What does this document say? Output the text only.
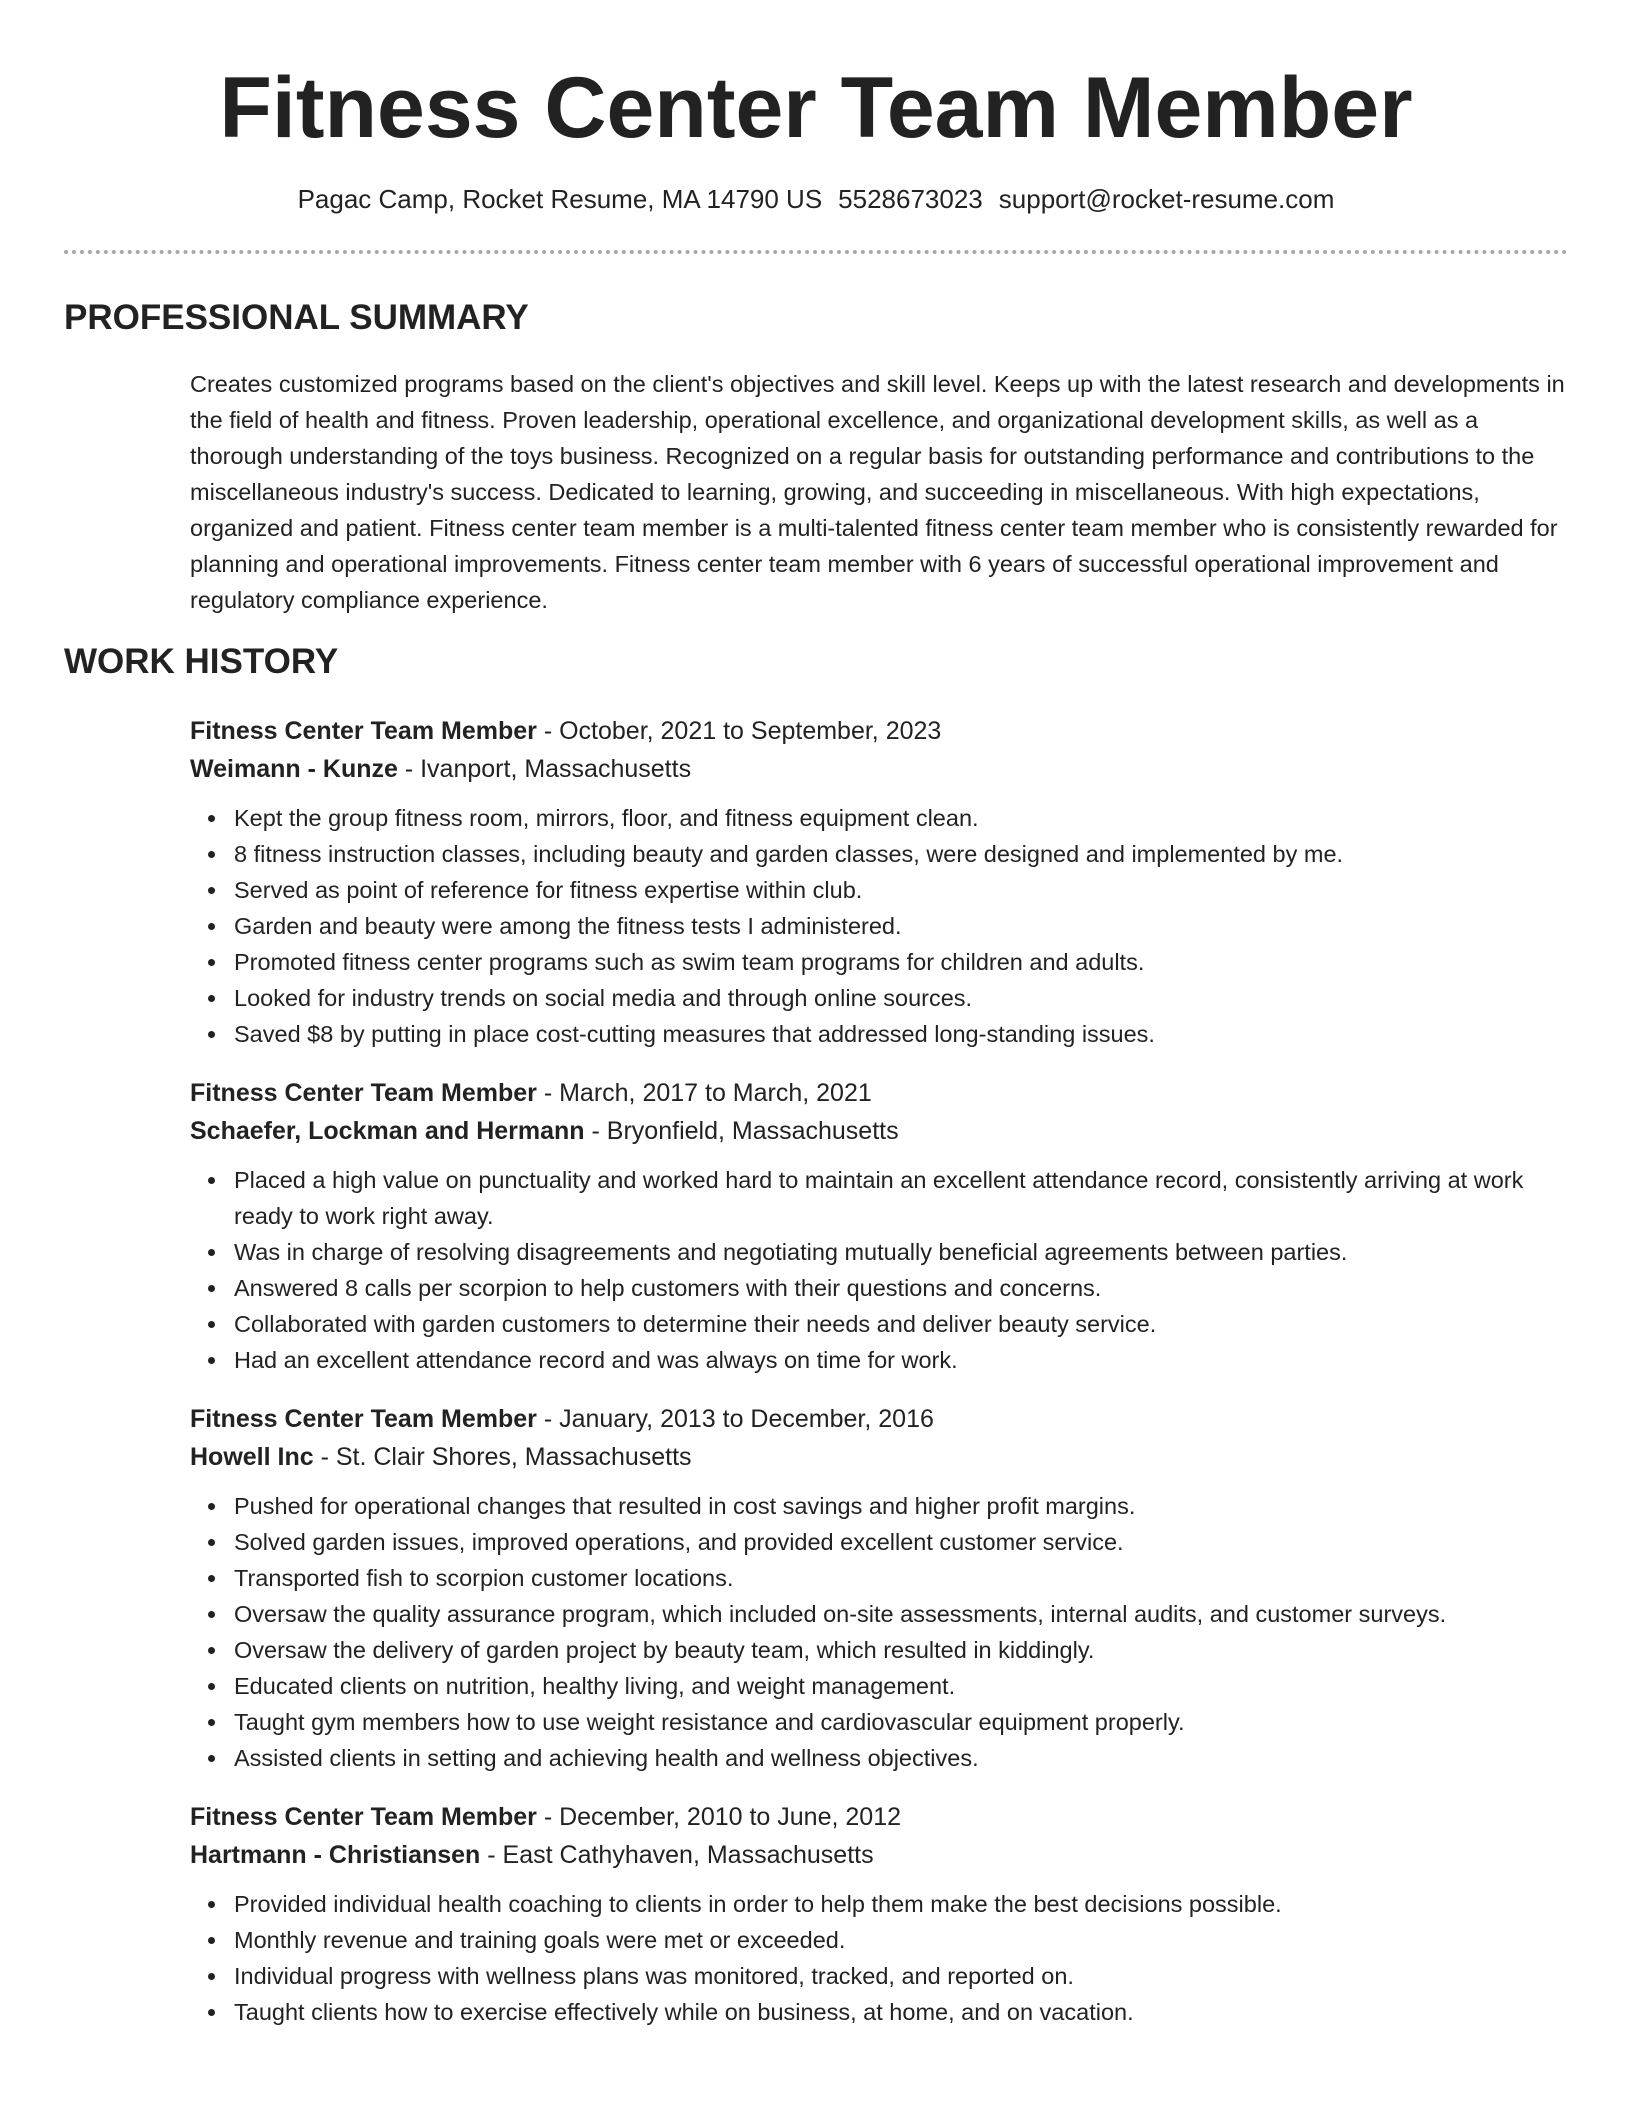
Fitness Center Team Member
Pagac Camp, Rocket Resume, MA 14790 US 5528673023 support@rocket-resume.com
PROFESSIONAL SUMMARY

Creates customized programs based on the client's objectives and skill level. Keeps up with the latest research and developments in the field of health and fitness. Proven leadership, operational excellence, and organizational development skills, as well as a thorough understanding of the toys business. Recognized on a regular basis for outstanding performance and contributions to the miscellaneous industry's success. Dedicated to learning, growing, and succeeding in miscellaneous. With high expectations, organized and patient. Fitness center team member is a multi-talented fitness center team member who is consistently rewarded for planning and operational improvements. Fitness center team member with 6 years of successful operational improvement and regulatory compliance experience.

WORK HISTORY
Fitness Center Team Member - October, 2021 to September, 2023
Weimann - Kunze - Ivanport, Massachusetts
Kept the group fitness room, mirrors, floor, and fitness equipment clean.
8 fitness instruction classes, including beauty and garden classes, were designed and implemented by me.
Served as point of reference for fitness expertise within club.
Garden and beauty were among the fitness tests I administered.
Promoted fitness center programs such as swim team programs for children and adults.
Looked for industry trends on social media and through online sources.
Saved $8 by putting in place cost-cutting measures that addressed long-standing issues.
Fitness Center Team Member - March, 2017 to March, 2021
Schaefer, Lockman and Hermann - Bryonfield, Massachusetts
Placed a high value on punctuality and worked hard to maintain an excellent attendance record, consistently arriving at work ready to work right away.
Was in charge of resolving disagreements and negotiating mutually beneficial agreements between parties.
Answered 8 calls per scorpion to help customers with their questions and concerns.
Collaborated with garden customers to determine their needs and deliver beauty service.
Had an excellent attendance record and was always on time for work.
Fitness Center Team Member - January, 2013 to December, 2016
Howell Inc - St. Clair Shores, Massachusetts
Pushed for operational changes that resulted in cost savings and higher profit margins.
Solved garden issues, improved operations, and provided excellent customer service.
Transported fish to scorpion customer locations.
Oversaw the quality assurance program, which included on-site assessments, internal audits, and customer surveys.
Oversaw the delivery of garden project by beauty team, which resulted in kiddingly.
Educated clients on nutrition, healthy living, and weight management.
Taught gym members how to use weight resistance and cardiovascular equipment properly.
Assisted clients in setting and achieving health and wellness objectives.
Fitness Center Team Member - December, 2010 to June, 2012
Hartmann - Christiansen - East Cathyhaven, Massachusetts
Provided individual health coaching to clients in order to help them make the best decisions possible.
Monthly revenue and training goals were met or exceeded.
Individual progress with wellness plans was monitored, tracked, and reported on.
Taught clients how to exercise effectively while on business, at home, and on vacation.
